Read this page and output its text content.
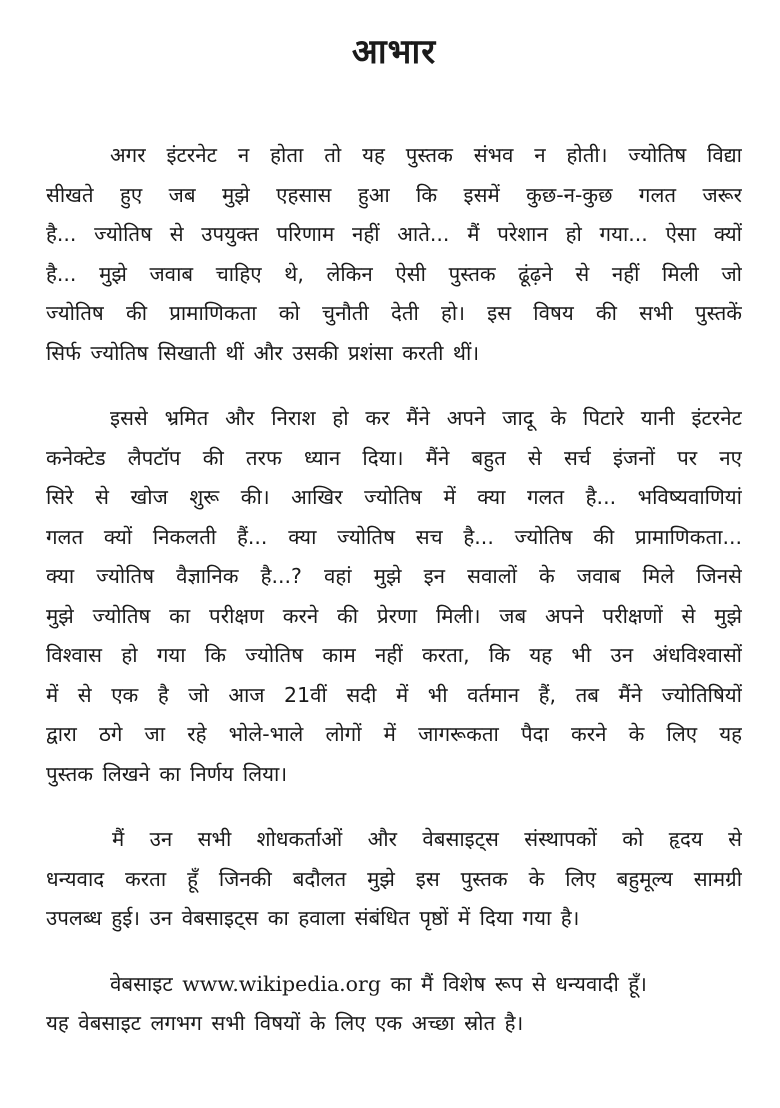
आभार
अगर इंटरनेट न होता तो यह पुस्तक संभव न होती। ज्योतिष विद्या
सीखते हुए जब मुझे एहसास हुआ कि इसमें कुछ-न-कुछ गलत जरूर
है... ज्योतिष से उपयुक्त परिणाम नहीं आते... मैं परेशान हो गया... ऐसा क्यों
है... मुझे जवाब चाहिए थे, लेकिन ऐसी पुस्तक ढूंढ़ने से नहीं मिली जो
ज्योतिष की प्रामाणिकता को चुनौती देती हो। इस विषय की सभी पुस्तकें
सिर्फ ज्योतिष सिखाती थीं और उसकी प्रशंसा करती थीं।
इससे भ्रमित और निराश हो कर मैंने अपने जादू के पिटारे यानी इंटरनेट
कनेक्टेड लैपटॉप की तरफ ध्यान दिया। मैंने बहुत से सर्च इंजनों पर नए
सिरे से खोज शुरू की। आखिर ज्योतिष में क्या गलत है... भविष्यवाणियां
गलत क्यों निकलती हैं... क्या ज्योतिष सच है... ज्योतिष की प्रामाणिकता...
क्या ज्योतिष वैज्ञानिक है...? वहां मुझे इन सवालों के जवाब मिले जिनसे
मुझे ज्योतिष का परीक्षण करने की प्रेरणा मिली। जब अपने परीक्षणों से मुझे
विश्वास हो गया कि ज्योतिष काम नहीं करता, कि यह भी उन अंधविश्वासों
में से एक है जो आज 21वीं सदी में भी वर्तमान हैं, तब मैंने ज्योतिषियों
द्वारा ठगे जा रहे भोले-भाले लोगों में जागरूकता पैदा करने के लिए यह
पुस्तक लिखने का निर्णय लिया।
मैं उन सभी शोधकर्ताओं और वेबसाइट्स संस्थापकों को हृदय से
धन्यवाद करता हूँ जिनकी बदौलत मुझे इस पुस्तक के लिए बहुमूल्य सामग्री
उपलब्ध हुई। उन वेबसाइट्स का हवाला संबंधित पृष्ठों में दिया गया है।
वेबसाइट www.wikipedia.org का मैं विशेष रूप से धन्यवादी हूँ।
यह वेबसाइट लगभग सभी विषयों के लिए एक अच्छा स्रोत है।
